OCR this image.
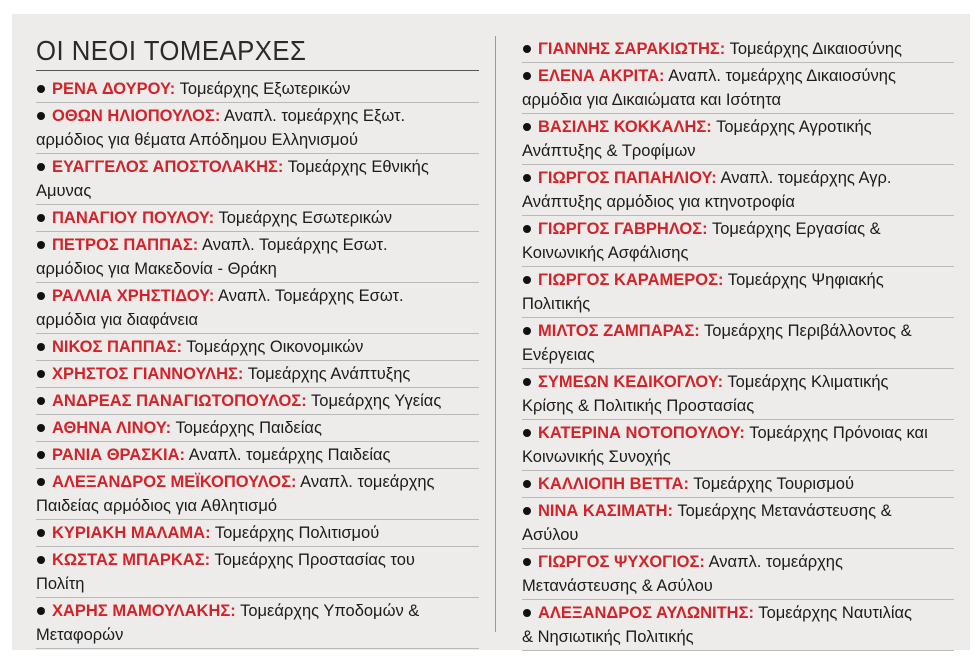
ΟΙ ΝΕΟΙ ΤΟΜΕΑΡΧΕΣ
ΡΕΝΑ ΔΟΥΡΟΥ: Τομεάρχης Εξωτερικών
ΟΘΩΝ ΗΛΙΟΠΟΥΛΟΣ: Αναπλ. τομεάρχης Εξωτ.
αρμόδιος για θέματα Απόδημου Ελληνισμού
ΕΥΑΓΓΕΛΟΣ ΑΠΟΣΤΟΛΑΚΗΣ: Τομεάρχης Εθνικής
Αμυνας
ΠΑΝΑΓΙΟΥ ΠΟΥΛΟΥ: Τομεάρχης Εσωτερικών
ΠΕΤΡΟΣ ΠΑΠΠΑΣ: Αναπλ. Τομεάρχης Εσωτ.
αρμόδιος για Μακεδονία - Θράκη
ΡΑΛΛΙΑ ΧΡΗΣΤΙΔΟΥ: Αναπλ. Τομεάρχης Εσωτ.
αρμόδια για διαφάνεια
ΝΙΚΟΣ ΠΑΠΠΑΣ: Τομεάρχης Οικονομικών
ΧΡΗΣΤΟΣ ΓΙΑΝΝΟΥΛΗΣ: Τομεάρχης Ανάπτυξης
ΑΝΔΡΕΑΣ ΠΑΝΑΓΙΩΤΟΠΟΥΛΟΣ: Τομεάρχης Υγείας
ΑΘΗΝΑ ΛΙΝΟΥ: Τομεάρχης Παιδείας
ΡΑΝΙΑ ΘΡΑΣΚΙΑ: Αναπλ. τομεάρχης Παιδείας
ΑΛΕΞΑΝΔΡΟΣ ΜΕΪΚΟΠΟΥΛΟΣ: Αναπλ. τομεάρχης
Παιδείας αρμόδιος για Αθλητισμό
ΚΥΡΙΑΚΗ ΜΑΛΑΜΑ: Τομεάρχης Πολιτισμού
ΚΩΣΤΑΣ ΜΠΑΡΚΑΣ: Τομεάρχης Προστασίας του
Πολίτη
ΧΑΡΗΣ ΜΑΜΟΥΛΑΚΗΣ: Τομεάρχης Υποδομών &
Μεταφορών
ΓΙΑΝΝΗΣ ΣΑΡΑΚΙΩΤΗΣ: Τομεάρχης Δικαιοσύνης
ΕΛΕΝΑ ΑΚΡΙΤΑ: Αναπλ. τομεάρχης Δικαιοσύνης
αρμόδια για Δικαιώματα και Ισότητα
ΒΑΣΙΛΗΣ ΚΟΚΚΑΛΗΣ: Τομεάρχης Αγροτικής
Ανάπτυξης & Τροφίμων
ΓΙΩΡΓΟΣ ΠΑΠΑΗΛΙΟΥ: Αναπλ. τομεάρχης Αγρ.
Ανάπτυξης αρμόδιος για κτηνοτροφία
ΓΙΩΡΓΟΣ ΓΑΒΡΗΛΟΣ: Τομεάρχης Εργασίας &
Κοινωνικής Ασφάλισης
ΓΙΩΡΓΟΣ ΚΑΡΑΜΕΡΟΣ: Τομεάρχης Ψηφιακής
Πολιτικής
ΜΙΛΤΟΣ ΖΑΜΠΑΡΑΣ: Τομεάρχης Περιβάλλοντος &
Ενέργειας
ΣΥΜΕΩΝ ΚΕΔΙΚΟΓΛΟΥ: Τομεάρχης Κλιματικής
Κρίσης & Πολιτικής Προστασίας
ΚΑΤΕΡΙΝΑ ΝΟΤΟΠΟΥΛΟΥ: Τομεάρχης Πρόνοιας και
Κοινωνικής Συνοχής
ΚΑΛΛΙΟΠΗ ΒΕΤΤΑ: Τομεάρχης Τουρισμού
ΝΙΝΑ ΚΑΣΙΜΑΤΗ: Τομεάρχης Μετανάστευσης &
Ασύλου
ΓΙΩΡΓΟΣ ΨΥΧΟΓΙΟΣ: Αναπλ. τομεάρχης
Μετανάστευσης & Ασύλου
ΑΛΕΞΑΝΔΡΟΣ ΑΥΛΩΝΙΤΗΣ: Τομεάρχης Ναυτιλίας
& Νησιωτικής Πολιτικής
